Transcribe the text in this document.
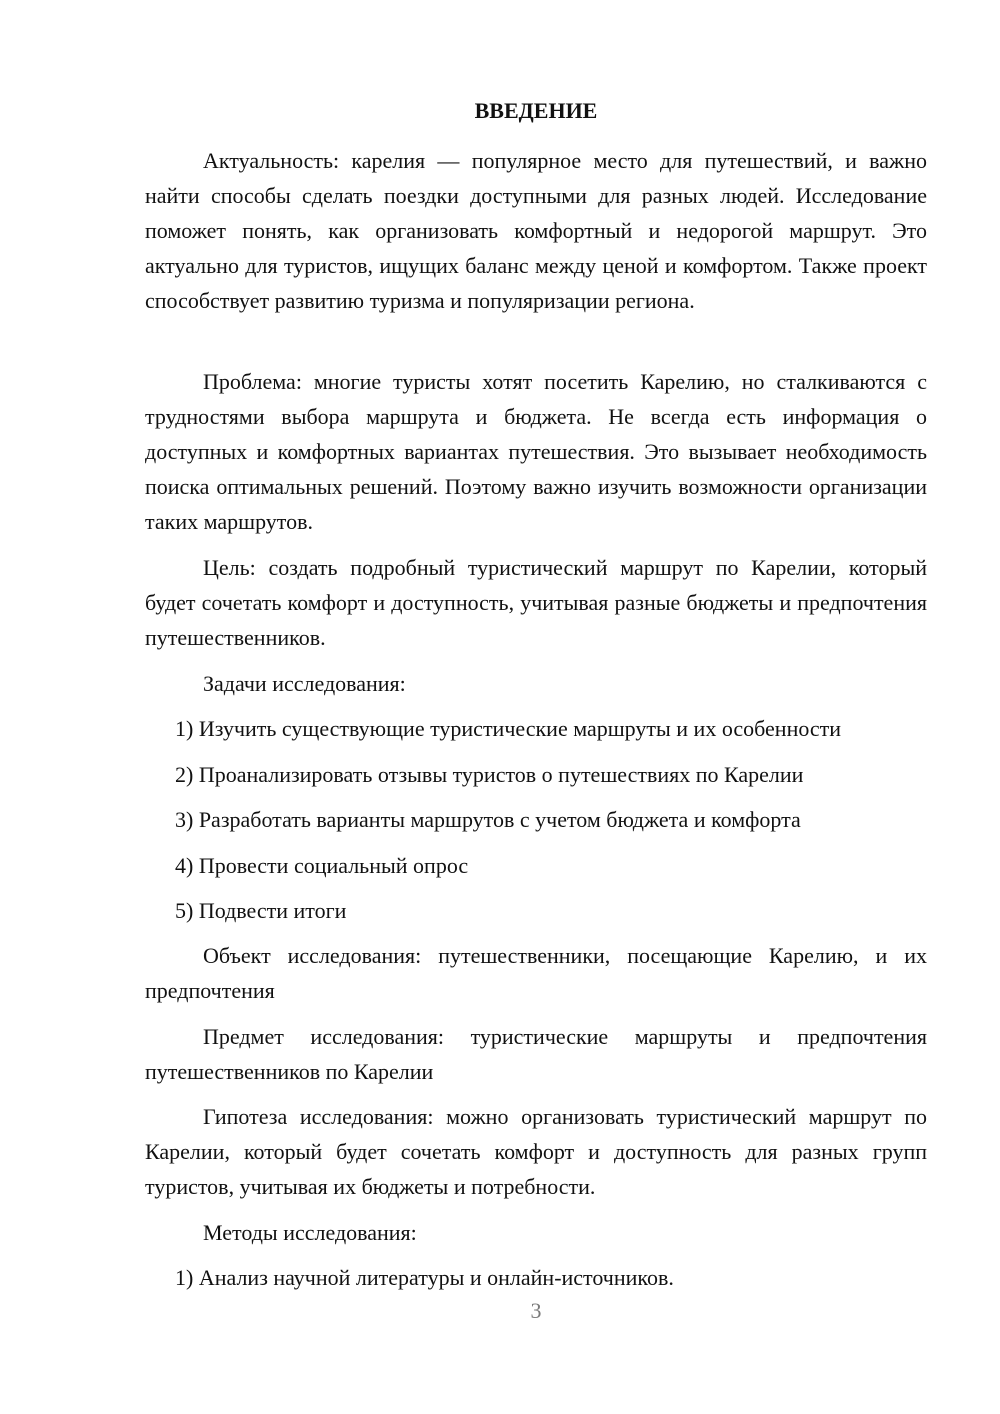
ВВЕДЕНИЕ

Актуальность: карелия — популярное место для путешествий, и важно найти способы сделать поездки доступными для разных людей. Исследование поможет понять, как организовать комфортный и недорогой маршрут. Это актуально для туристов, ищущих баланс между ценой и комфортом. Также проект способствует развитию туризма и популяризации региона.

Проблема: многие туристы хотят посетить Карелию, но сталкиваются с трудностями выбора маршрута и бюджета. Не всегда есть информация о доступных и комфортных вариантах путешествия. Это вызывает необходимость поиска оптимальных решений. Поэтому важно изучить возможности организации таких маршрутов.

Цель: создать подробный туристический маршрут по Карелии, который будет сочетать комфорт и доступность, учитывая разные бюджеты и предпочтения путешественников.

Задачи исследования:

1) Изучить существующие туристические маршруты и их особенности

2) Проанализировать отзывы туристов о путешествиях по Карелии

3) Разработать варианты маршрутов с учетом бюджета и комфорта

4) Провести социальный опрос

5) Подвести итоги

Объект исследования: путешественники, посещающие Карелию, и их предпочтения

Предмет исследования: туристические маршруты и предпочтения путешественников по Карелии

Гипотеза исследования: можно организовать туристический маршрут по Карелии, который будет сочетать комфорт и доступность для разных групп туристов, учитывая их бюджеты и потребности.

Методы исследования:

1) Анализ научной литературы и онлайн-источников.

3
